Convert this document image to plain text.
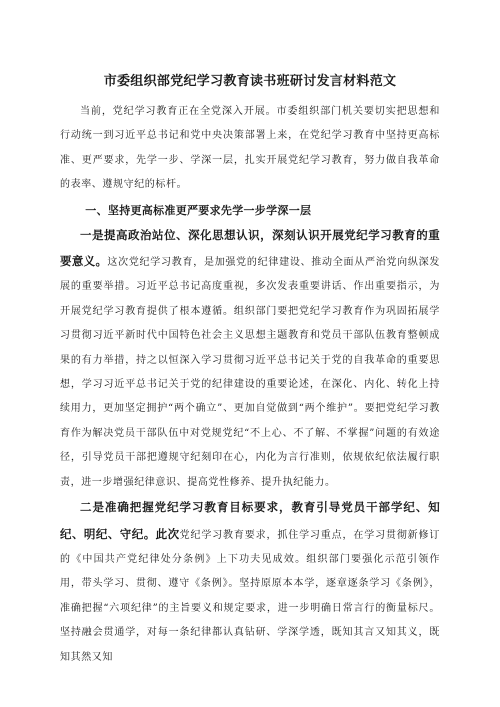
市委组织部党纪学习教育读书班研讨发言材料范文

当前，党纪学习教育正在全党深入开展。市委组织部门机关要切实把思想和行动统一到习近平总书记和党中央决策部署上来，在党纪学习教育中坚持更高标准、更严要求，先学一步、学深一层，扎实开展党纪学习教育，努力做自我革命的表率、遵规守纪的标杆。

一、坚持更高标准更严要求先学一步学深一层

一是提高政治站位、深化思想认识，深刻认识开展党纪学习教育的重要意义。这次党纪学习教育，是加强党的纪律建设、推动全面从严治党向纵深发展的重要举措。习近平总书记高度重视，多次发表重要讲话、作出重要指示，为开展党纪学习教育提供了根本遵循。组织部门要把党纪学习教育作为巩固拓展学习贯彻习近平新时代中国特色社会主义思想主题教育和党员干部队伍教育整顿成果的有力举措，持之以恒深入学习贯彻习近平总书记关于党的自我革命的重要思想，学习习近平总书记关于党的纪律建设的重要论述，在深化、内化、转化上持续用力，更加坚定拥护“两个确立”、更加自觉做到“两个维护”。要把党纪学习教育作为解决党员干部队伍中对党规党纪“不上心、不了解、不掌握”问题的有效途径，引导党员干部把遵规守纪刻印在心，内化为言行准则，依规依纪依法履行职责，进一步增强纪律意识、提高党性修养、提升执纪能力。

二是准确把握党纪学习教育目标要求，教育引导党员干部学纪、知纪、明纪、守纪。此次党纪学习教育要求，抓住学习重点，在学习贯彻新修订的《中国共产党纪律处分条例》上下功夫见成效。组织部门要强化示范引领作用，带头学习、贯彻、遵守《条例》。坚持原原本本学，逐章逐条学习《条例》，准确把握“六项纪律”的主旨要义和规定要求，进一步明确日常言行的衡量标尺。坚持融会贯通学，对每一条纪律都认真钻研、学深学透，既知其言又知其义，既知其然又知
